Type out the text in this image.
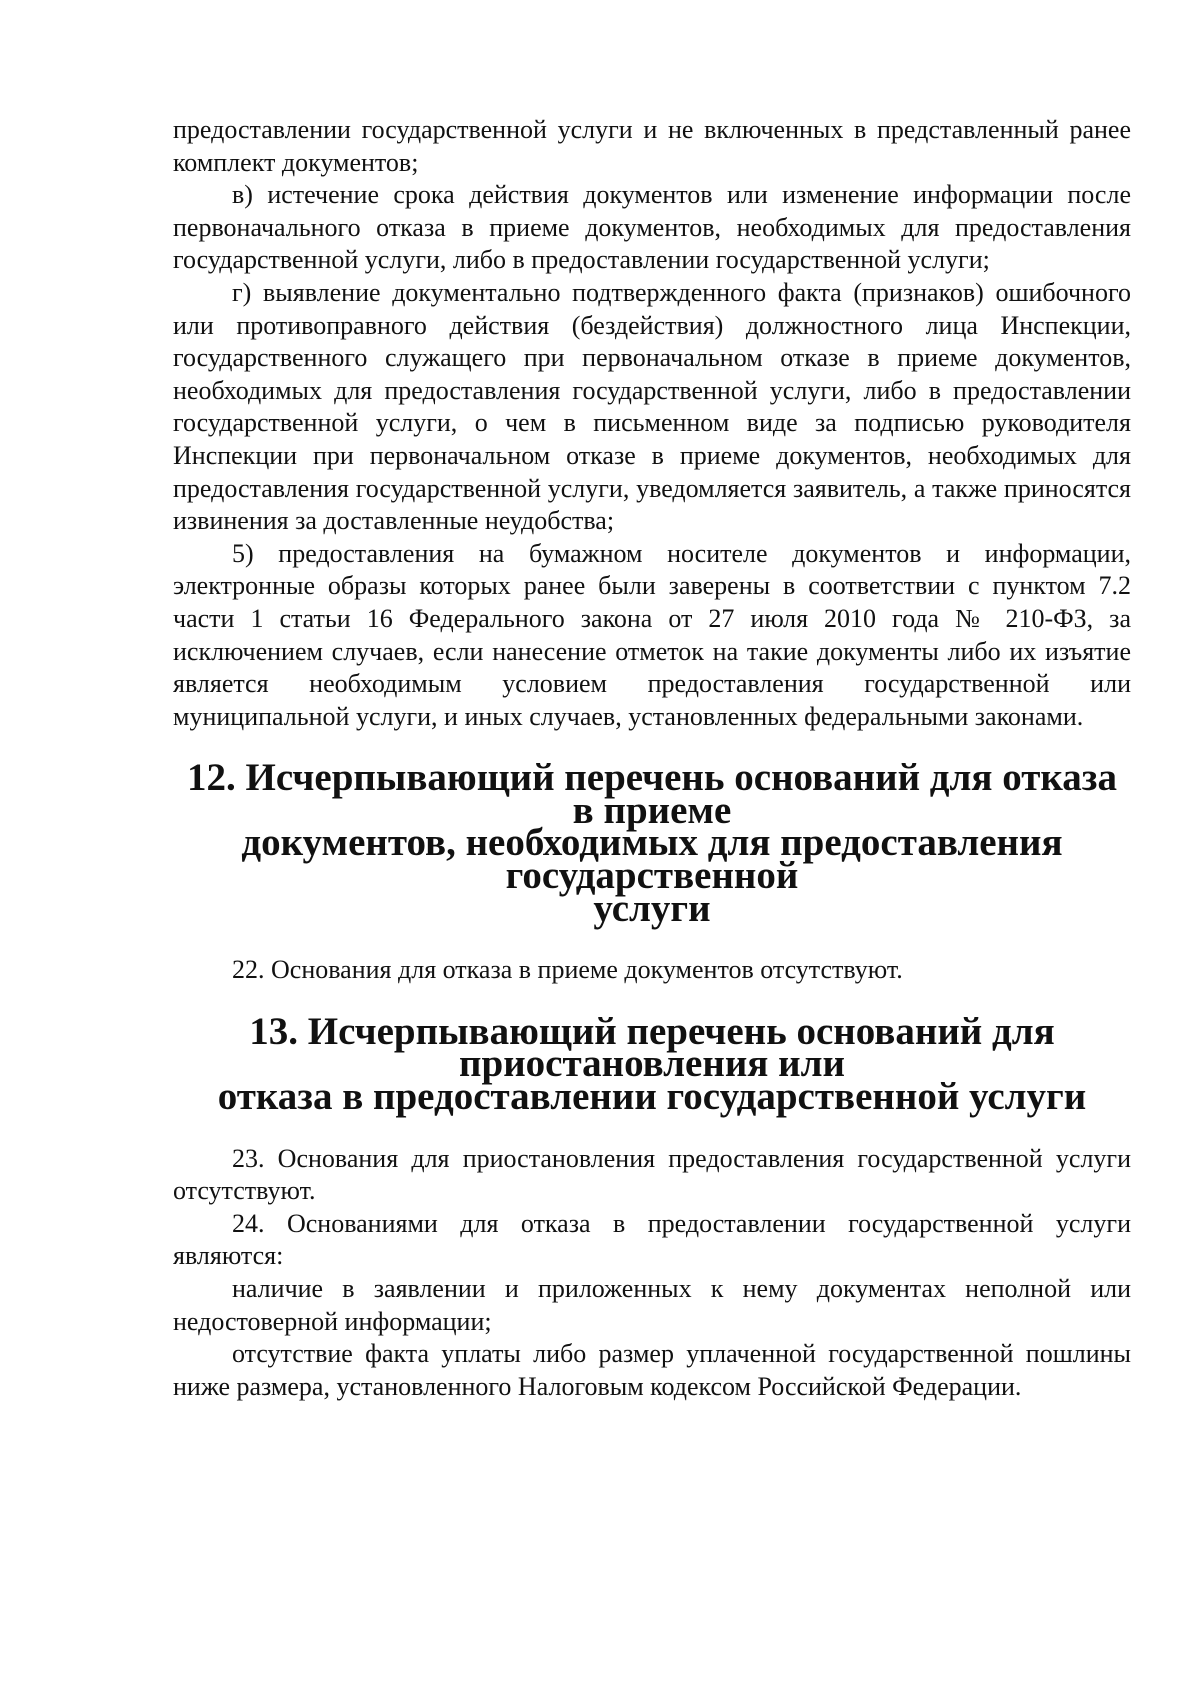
предоставлении государственной услуги и не включенных в представленный ранее комплект документов;

в) истечение срока действия документов или изменение информации после первоначального отказа в приеме документов, необходимых для предоставления государственной услуги, либо в предоставлении государственной услуги;

г) выявление документально подтвержденного факта (признаков) ошибочного или противоправного действия (бездействия) должностного лица Инспекции, государственного служащего при первоначальном отказе в приеме документов, необходимых для предоставления государственной услуги, либо в предоставлении государственной услуги, о чем в письменном виде за подписью руководителя Инспекции при первоначальном отказе в приеме документов, необходимых для предоставления государственной услуги, уведомляется заявитель, а также приносятся извинения за доставленные неудобства;

5) предоставления на бумажном носителе документов и информации, электронные образы которых ранее были заверены в соответствии с пунктом 7.2 части 1 статьи 16 Федерального закона от 27 июля 2010 года № 210-ФЗ, за исключением случаев, если нанесение отметок на такие документы либо их изъятие является необходимым условием предоставления государственной или муниципальной услуги, и иных случаев, установленных федеральными законами.

12. Исчерпывающий перечень оснований для отказа в приеме
документов, необходимых для предоставления государственной
услуги

22. Основания для отказа в приеме документов отсутствуют.

13. Исчерпывающий перечень оснований для приостановления или
отказа в предоставлении государственной услуги

23. Основания для приостановления предоставления государственной услуги отсутствуют.

24. Основаниями для отказа в предоставлении государственной услуги являются:

наличие в заявлении и приложенных к нему документах неполной или недостоверной информации;

отсутствие факта уплаты либо размер уплаченной государственной пошлины ниже размера, установленного Налоговым кодексом Российской Федерации.
